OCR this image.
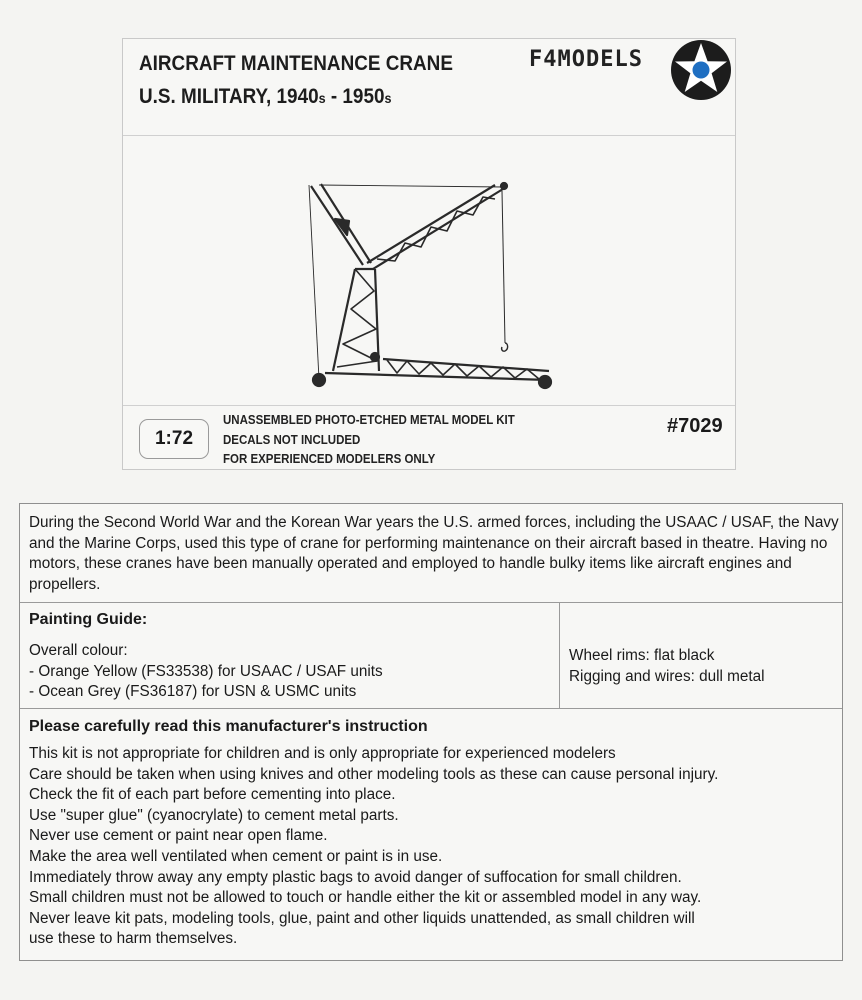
AIRCRAFT MAINTENANCE CRANE
U.S. MILITARY, 1940s - 1950s
F4MODELS
1:72
UNASSEMBLED PHOTO-ETCHED METAL MODEL KIT
DECALS NOT INCLUDED
FOR EXPERIENCED MODELERS ONLY
#7029
During the Second World War and the Korean War years the U.S. armed forces, including the USAAC / USAF, the Navy and the Marine Corps, used this type of crane for performing maintenance on their aircraft based in theatre. Having no motors, these cranes have been manually operated and employed to handle bulky items like aircraft engines and propellers.
Painting Guide:
Overall colour:
- Orange Yellow (FS33538) for USAAC / USAF units
- Ocean Grey (FS36187) for USN & USMC units
Wheel rims: flat black
Rigging and wires: dull metal
Please carefully read this manufacturer's instruction
This kit is not appropriate for children and is only appropriate for experienced modelers
Care should be taken when using knives and other modeling tools as these can cause personal injury.
Check the fit of each part before cementing into place.
Use "super glue" (cyanocrylate) to cement metal parts.
Never use cement or paint near open flame.
Make the area well ventilated when cement or paint is in use.
Immediately throw away any empty plastic bags to avoid danger of suffocation for small children.
Small children must not be allowed to touch or handle either the kit or assembled model in any way.
Never leave kit pats, modeling tools, glue, paint and other liquids unattended, as small children will
use these to harm themselves.
